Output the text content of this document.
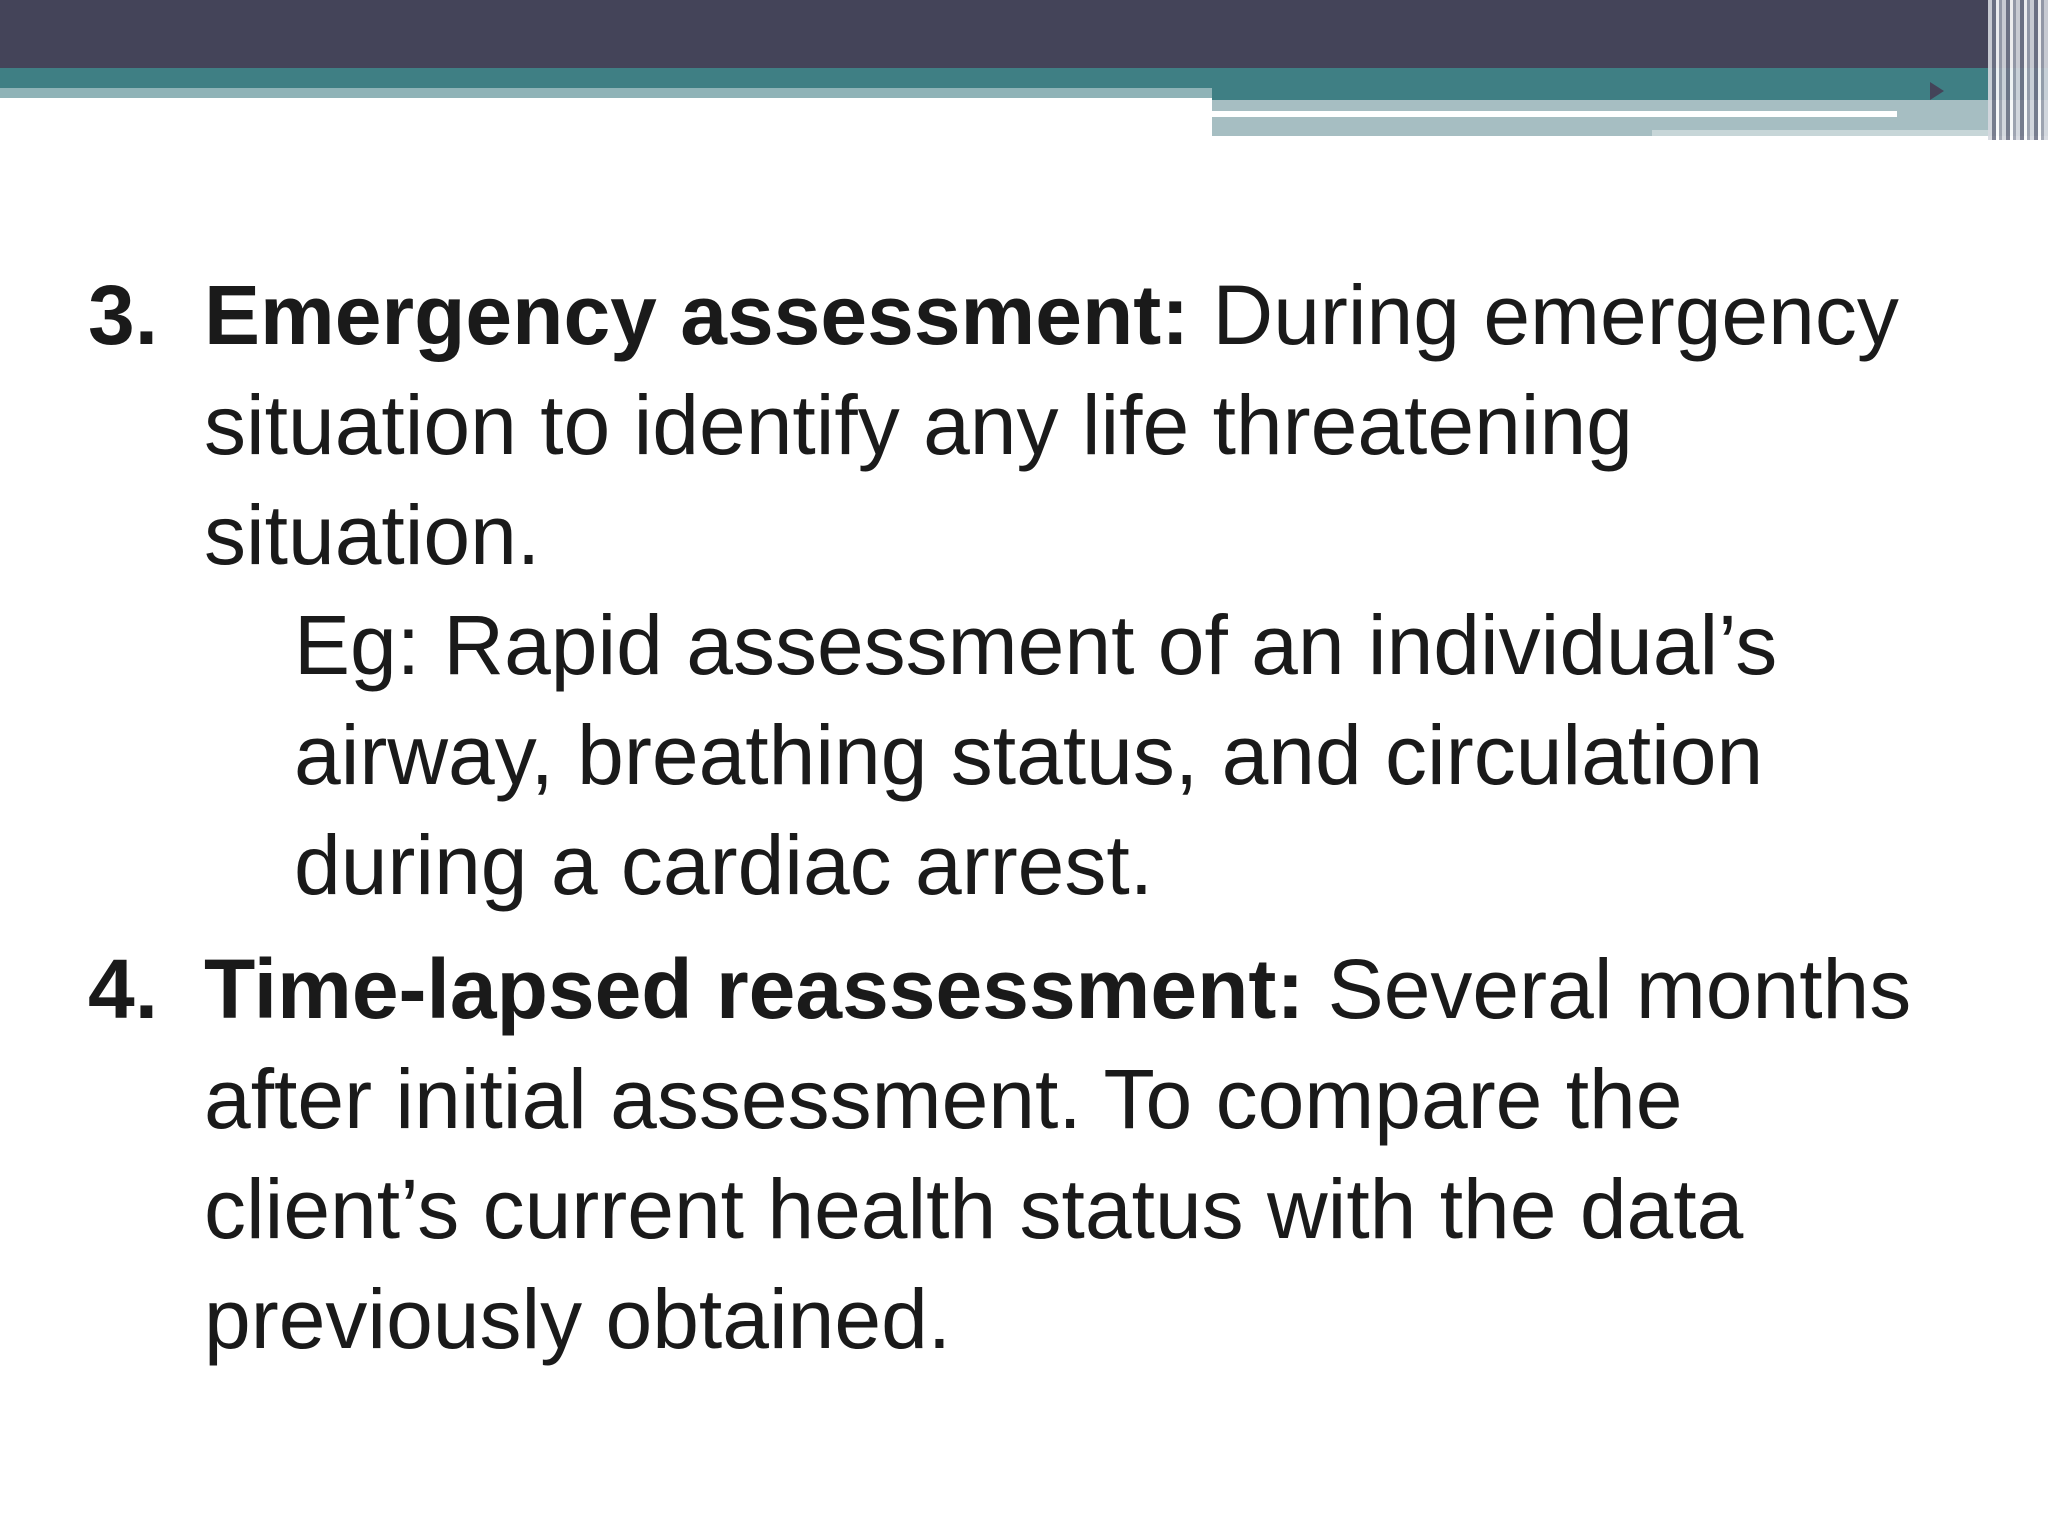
3. Emergency assessment: During emergency situation to identify any life threatening situation.
Eg: Rapid assessment of an individual’s airway, breathing status, and circulation during a cardiac arrest.
4. Time-lapsed reassessment: Several months after initial assessment. To compare the client’s current health status with the data previously obtained.
